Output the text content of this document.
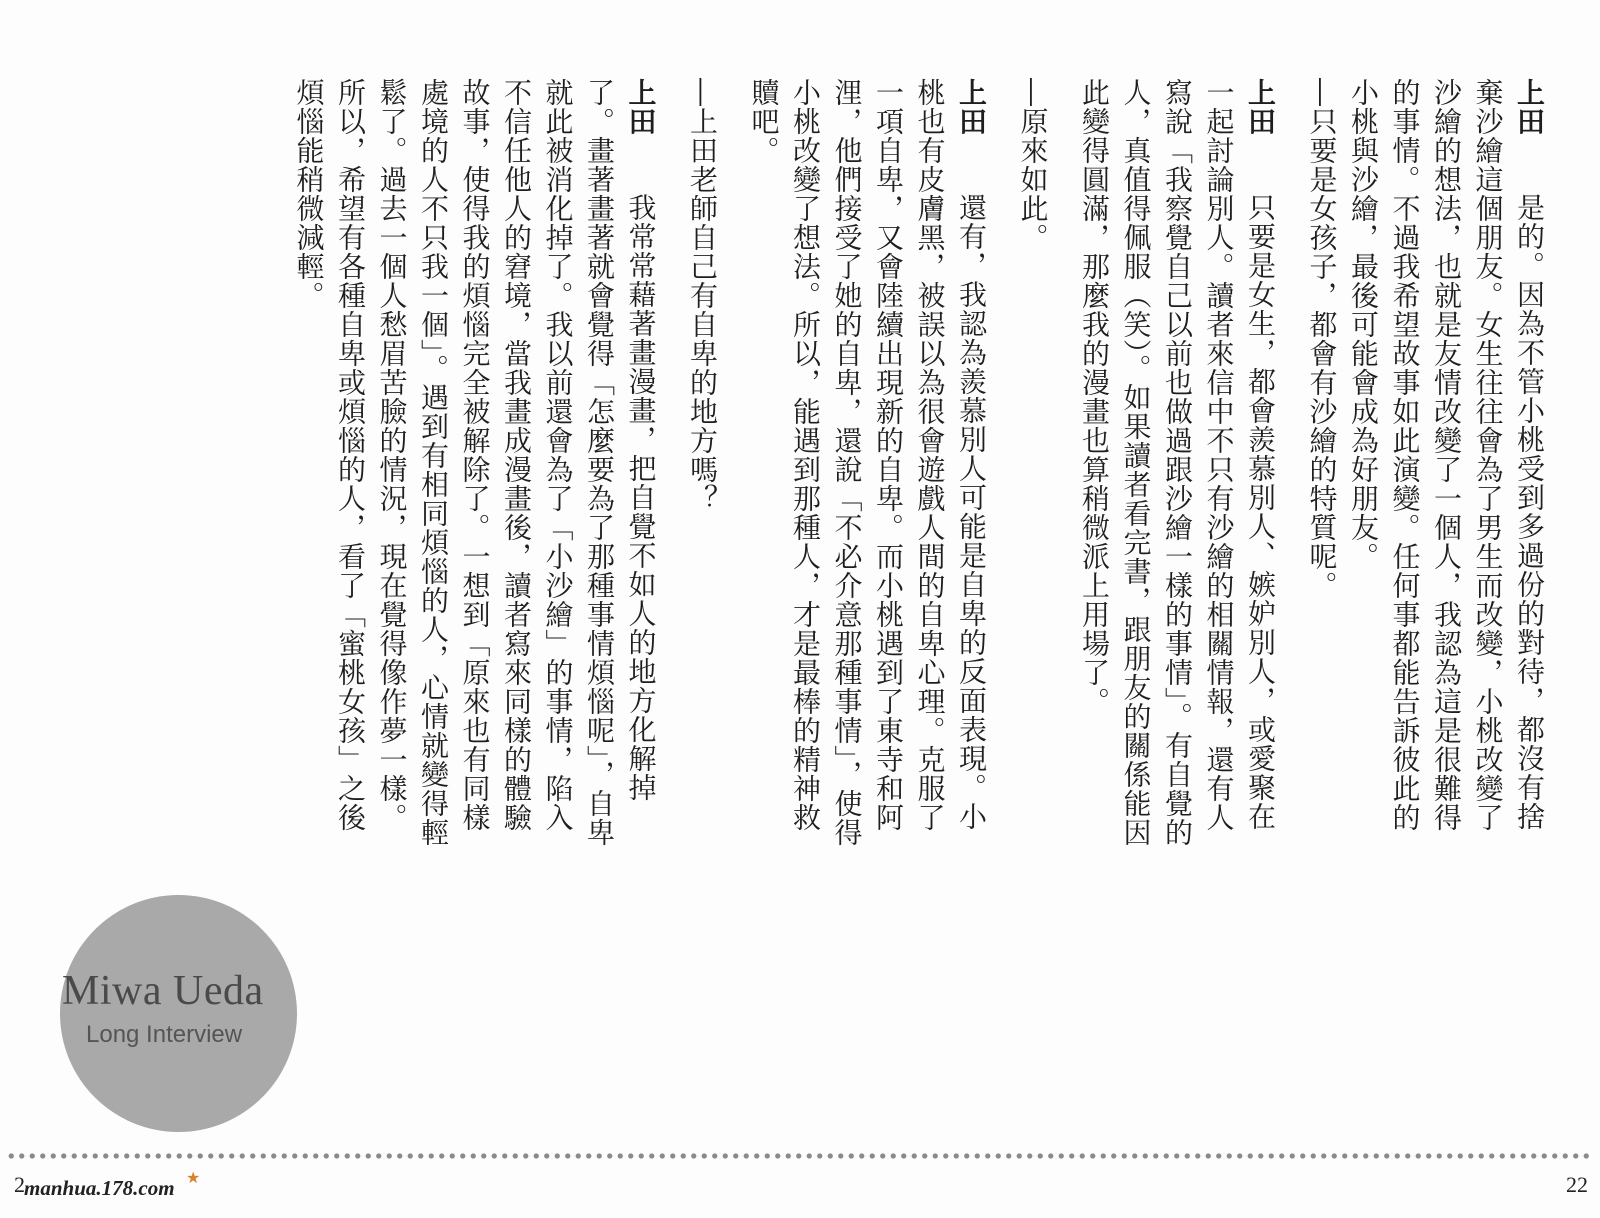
上田　是的。因為不管小桃受到多過份的對待，都沒有捨棄沙繪這個朋友。女生往往會為了男生而改變，小桃改變了沙繪的想法，也就是友情改變了一個人，我認為這是很難得的事情。不過我希望故事如此演變。任何事都能告訴彼此的小桃與沙繪，最後可能會成為好朋友。

―只要是女孩子，都會有沙繪的特質呢。

上田　只要是女生，都會羨慕別人、嫉妒別人，或愛聚在一起討論別人。讀者來信中不只有沙繪的相關情報，還有人寫說「我察覺自己以前也做過跟沙繪一樣的事情」。有自覺的人，真值得佩服（笑）。如果讀者看完書，跟朋友的關係能因此變得圓滿，那麼我的漫畫也算稍微派上用場了。

―原來如此。

上田　還有，我認為羨慕別人可能是自卑的反面表現。小桃也有皮膚黑，被誤以為很會遊戲人間的自卑心理。克服了一項自卑，又會陸續出現新的自卑。而小桃遇到了東寺和阿浬，他們接受了她的自卑，還說「不必介意那種事情」，使得小桃改變了想法。所以，能遇到那種人，才是最棒的精神救贖吧。

―上田老師自己有自卑的地方嗎？

上田　我常常藉著畫漫畫，把自覺不如人的地方化解掉了。畫著畫著就會覺得「怎麼要為了那種事情煩惱呢」，自卑就此被消化掉了。我以前還會為了「小沙繪」的事情，陷入不信任他人的窘境，當我畫成漫畫後，讀者寫來同樣的體驗故事，使得我的煩惱完全被解除了。一想到「原來也有同樣處境的人不只我一個」。遇到有相同煩惱的人，心情就變得輕鬆了。過去一個人愁眉苦臉的情況，現在覺得像作夢一樣。所以，希望有各種自卑或煩惱的人，看了「蜜桃女孩」之後煩惱能稍微減輕。

Miwa Ueda
Long Interview
2 manhua.178.com ★	22
